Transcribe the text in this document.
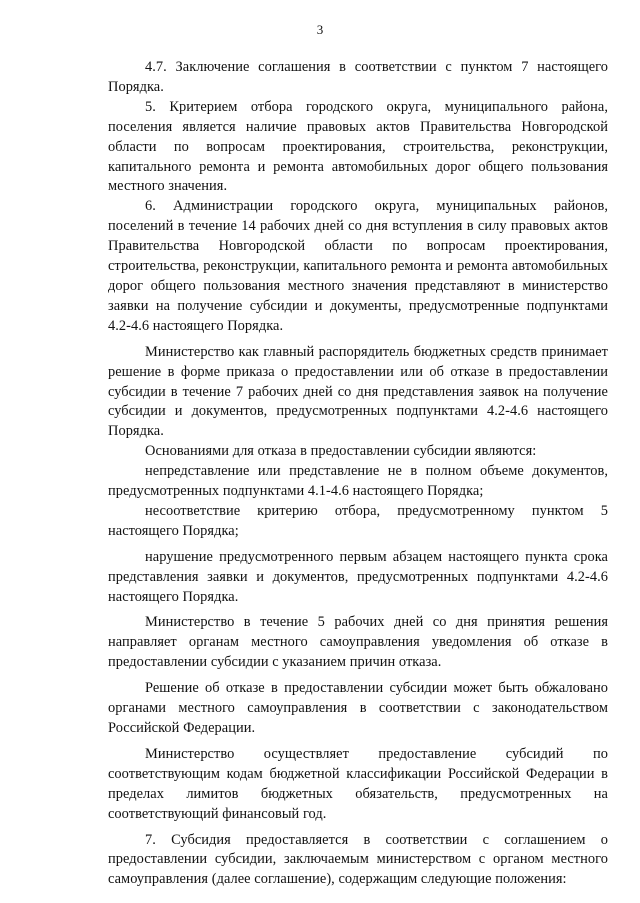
3

4.7. Заключение соглашения в соответствии с пунктом 7 настоящего Порядка.

5. Критерием отбора городского округа, муниципального района, поселения является наличие правовых актов Правительства Новгородской области по вопросам проектирования, строительства, реконструкции, капитального ремонта и ремонта автомобильных дорог общего пользования местного значения.

6. Администрации городского округа, муниципальных районов, поселений в течение 14 рабочих дней со дня вступления в силу правовых актов Правительства Новгородской области по вопросам проектирования, строительства, реконструкции, капитального ремонта и ремонта автомобильных дорог общего пользования местного значения представляют в министерство заявки на получение субсидии и документы, предусмотренные подпунктами 4.2-4.6 настоящего Порядка.

Министерство как главный распорядитель бюджетных средств принимает решение в форме приказа о предоставлении или об отказе в предоставлении субсидии в течение 7 рабочих дней со дня представления заявок на получение субсидии и документов, предусмотренных подпунктами 4.2-4.6 настоящего Порядка.

Основаниями для отказа в предоставлении субсидии являются:

непредставление или представление не в полном объеме документов, предусмотренных подпунктами 4.1-4.6 настоящего Порядка;

несоответствие критерию отбора, предусмотренному пунктом 5 настоящего Порядка;

нарушение предусмотренного первым абзацем настоящего пункта срока представления заявки и документов, предусмотренных подпунктами 4.2-4.6 настоящего Порядка.

Министерство в течение 5 рабочих дней со дня принятия решения направляет органам местного самоуправления уведомления об отказе в предоставлении субсидии с указанием причин отказа.

Решение об отказе в предоставлении субсидии может быть обжаловано органами местного самоуправления в соответствии с законодательством Российской Федерации.

Министерство осуществляет предоставление субсидий по соответствующим кодам бюджетной классификации Российской Федерации в пределах лимитов бюджетных обязательств, предусмотренных на соответствующий финансовый год.

7. Субсидия предоставляется в соответствии с соглашением о предоставлении субсидии, заключаемым министерством с органом местного самоуправления (далее соглашение), содержащим следующие положения:
